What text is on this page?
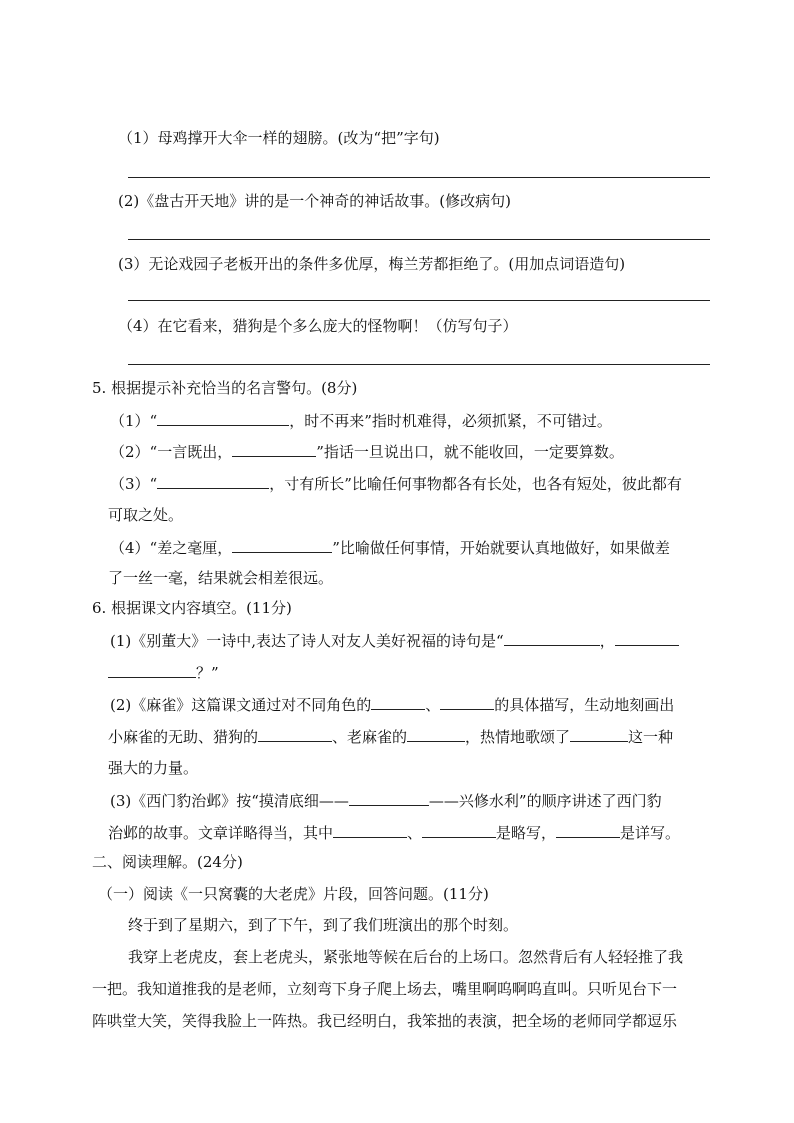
（1）母鸡撑开大伞一样的翅膀。(改为“把”字句)
(2)《盘古开天地》讲的是一个神奇的神话故事。(修改病句)
(3）无论戏园子老板开出的条件多优厚，梅兰芳都拒绝了。(用加点词语造句)
（4）在它看来，猎狗是个多么庞大的怪物啊！（仿写句子）
5. 根据提示补充恰当的名言警句。(8分)
（1）“	，时不再来”指时机难得，必须抓紧，不可错过。
（2）“一言既出，	”指话一旦说出口，就不能收回，一定要算数。
（3）“	，寸有所长”比喻任何事物都各有长处，也各有短处，彼此都有
可取之处。
（4）“差之毫厘，	”比喻做任何事情，开始就要认真地做好，如果做差
了一丝一毫，结果就会相差很远。
6. 根据课文内容填空。(11分)
(1)《别董大》一诗中,表达了诗人对友人美好祝福的诗句是“	，
？”
(2)《麻雀》这篇课文通过对不同角色的	、	的具体描写，生动地刻画出
小麻雀的无助、猎狗的	、老麻雀的	，热情地歌颂了	这一种
强大的力量。
(3)《西门豹治邺》按“摸清底细——	——兴修水利”的顺序讲述了西门豹
治邺的故事。文章详略得当，其中	、	是略写，	是详写。
二、阅读理解。(24分)
（一）阅读《一只窝囊的大老虎》片段，回答问题。(11分)
终于到了星期六，到了下午，到了我们班演出的那个时刻。
我穿上老虎皮，套上老虎头，紧张地等候在后台的上场口。忽然背后有人轻轻推了我
一把。我知道推我的是老师，立刻弯下身子爬上场去，嘴里啊呜啊呜直叫。只听见台下一
阵哄堂大笑，笑得我脸上一阵热。我已经明白，我笨拙的表演，把全场的老师同学都逗乐
